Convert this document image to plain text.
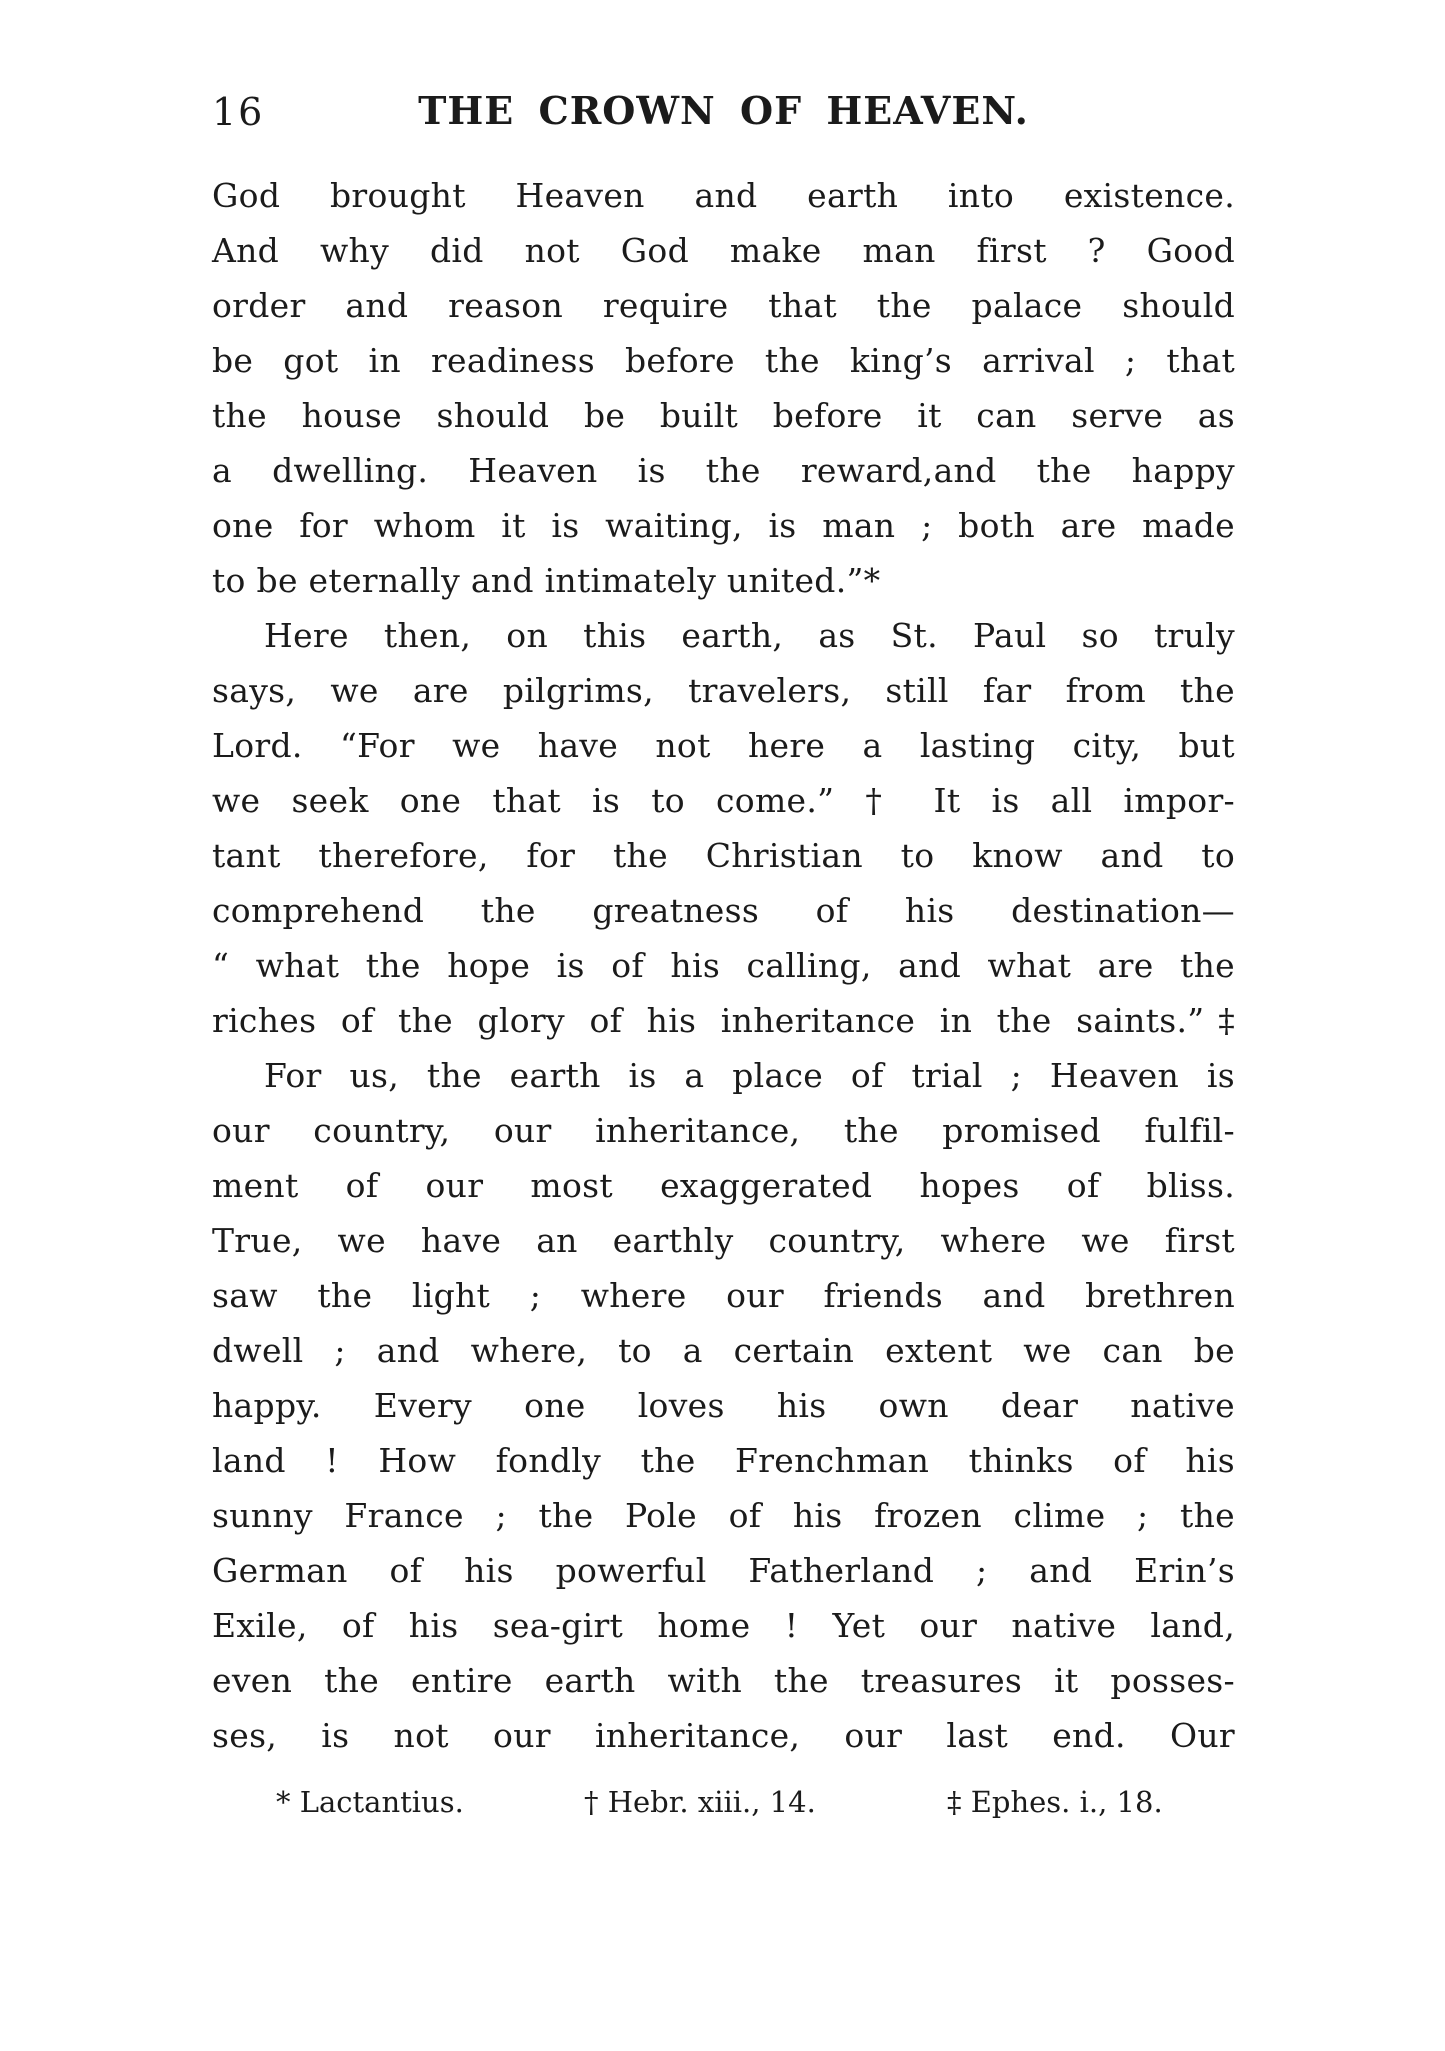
16	THE CROWN OF HEAVEN.
God brought Heaven and earth into existence.
And why did not God make man first ? Good
order and reason require that the palace should
be got in readiness before the king’s arrival ; that
the house should be built before it can serve as
a dwelling. Heaven is the reward,and the happy
one for whom it is waiting, is man ; both are made
to be eternally and intimately united.”*
Here then, on this earth, as St. Paul so truly
says, we are pilgrims, travelers, still far from the
Lord. “For we have not here a lasting city, but
we seek one that is to come.” † It is all impor-
tant therefore, for the Christian to know and to
comprehend the greatness of his destination—
“ what the hope is of his calling, and what are the
riches of the glory of his inheritance in the saints.”‡
For us, the earth is a place of trial ; Heaven is
our country, our inheritance, the promised fulfil-
ment of our most exaggerated hopes of bliss.
True, we have an earthly country, where we first
saw the light ; where our friends and brethren
dwell ; and where, to a certain extent we can be
happy. Every one loves his own dear native
land ! How fondly the Frenchman thinks of his
sunny France ; the Pole of his frozen clime ; the
German of his powerful Fatherland ; and Erin’s
Exile, of his sea-girt home ! Yet our native land,
even the entire earth with the treasures it posses-
ses, is not our inheritance, our last end. Our
* Lactantius.	† Hebr. xiii., 14.	‡ Ephes. i., 18.
